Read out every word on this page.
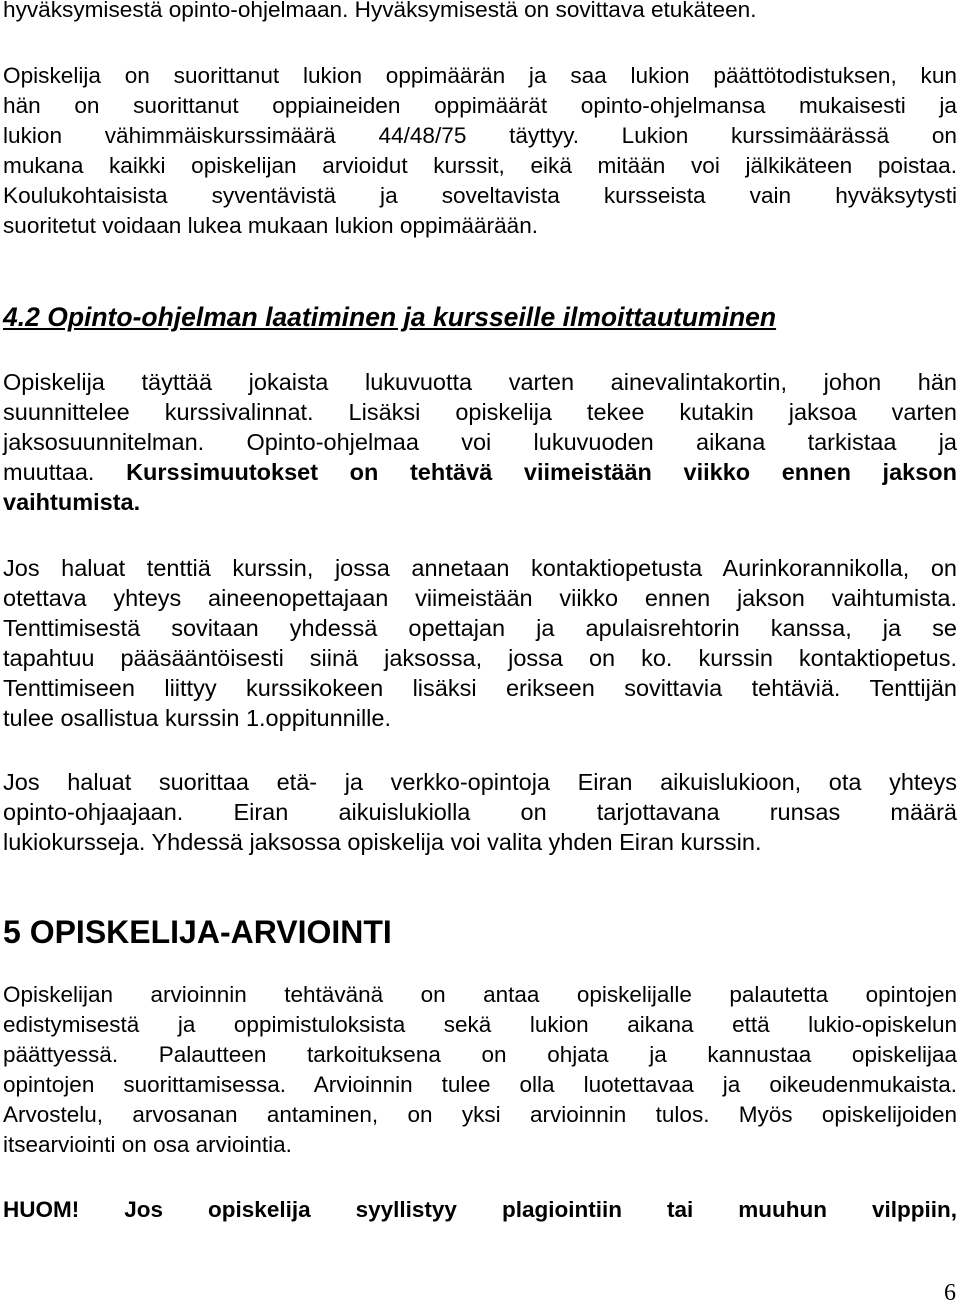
hyväksymisestä opinto-ohjelmaan. Hyväksymisestä on sovittava etukäteen.
Opiskelija on suorittanut lukion oppimäärän ja saa lukion päättötodistuksen, kun
hän on suorittanut oppiaineiden oppimäärät opinto-ohjelmansa mukaisesti ja
lukion vähimmäiskurssimäärä 44/48/75 täyttyy. Lukion kurssimäärässä on
mukana kaikki opiskelijan arvioidut kurssit, eikä mitään voi jälkikäteen poistaa.
Koulukohtaisista syventävistä ja soveltavista kursseista vain hyväksytysti
suoritetut voidaan lukea mukaan lukion oppimäärään.
4.2 Opinto-ohjelman laatiminen ja kursseille ilmoittautuminen
Opiskelija täyttää jokaista lukuvuotta varten ainevalintakortin, johon hän
suunnittelee kurssivalinnat. Lisäksi opiskelija tekee kutakin jaksoa varten
jaksosuunnitelman. Opinto-ohjelmaa voi lukuvuoden aikana tarkistaa ja
muuttaa. Kurssimuutokset on tehtävä viimeistään viikko ennen jakson
vaihtumista.
Jos haluat tenttiä kurssin, jossa annetaan kontaktiopetusta Aurinkorannikolla, on
otettava yhteys aineenopettajaan viimeistään viikko ennen jakson vaihtumista.
Tenttimisestä sovitaan yhdessä opettajan ja apulaisrehtorin kanssa, ja se
tapahtuu pääsääntöisesti siinä jaksossa, jossa on ko. kurssin kontaktiopetus.
Tenttimiseen liittyy kurssikokeen lisäksi erikseen sovittavia tehtäviä. Tenttijän
tulee osallistua kurssin 1.oppitunnille.
Jos haluat suorittaa etä- ja verkko-opintoja Eiran aikuislukioon, ota yhteys
opinto-ohjaajaan. Eiran aikuislukiolla on tarjottavana runsas määrä
lukiokursseja. Yhdessä jaksossa opiskelija voi valita yhden Eiran kurssin.
5 OPISKELIJA-ARVIOINTI
Opiskelijan arvioinnin tehtävänä on antaa opiskelijalle palautetta opintojen
edistymisestä ja oppimistuloksista sekä lukion aikana että lukio-opiskelun
päättyessä. Palautteen tarkoituksena on ohjata ja kannustaa opiskelijaa
opintojen suorittamisessa. Arvioinnin tulee olla luotettavaa ja oikeudenmukaista.
Arvostelu, arvosanan antaminen, on yksi arvioinnin tulos. Myös opiskelijoiden
itsearviointi on osa arviointia.
HUOM! Jos opiskelija syyllistyy plagiointiin tai muuhun vilppiin,
6
